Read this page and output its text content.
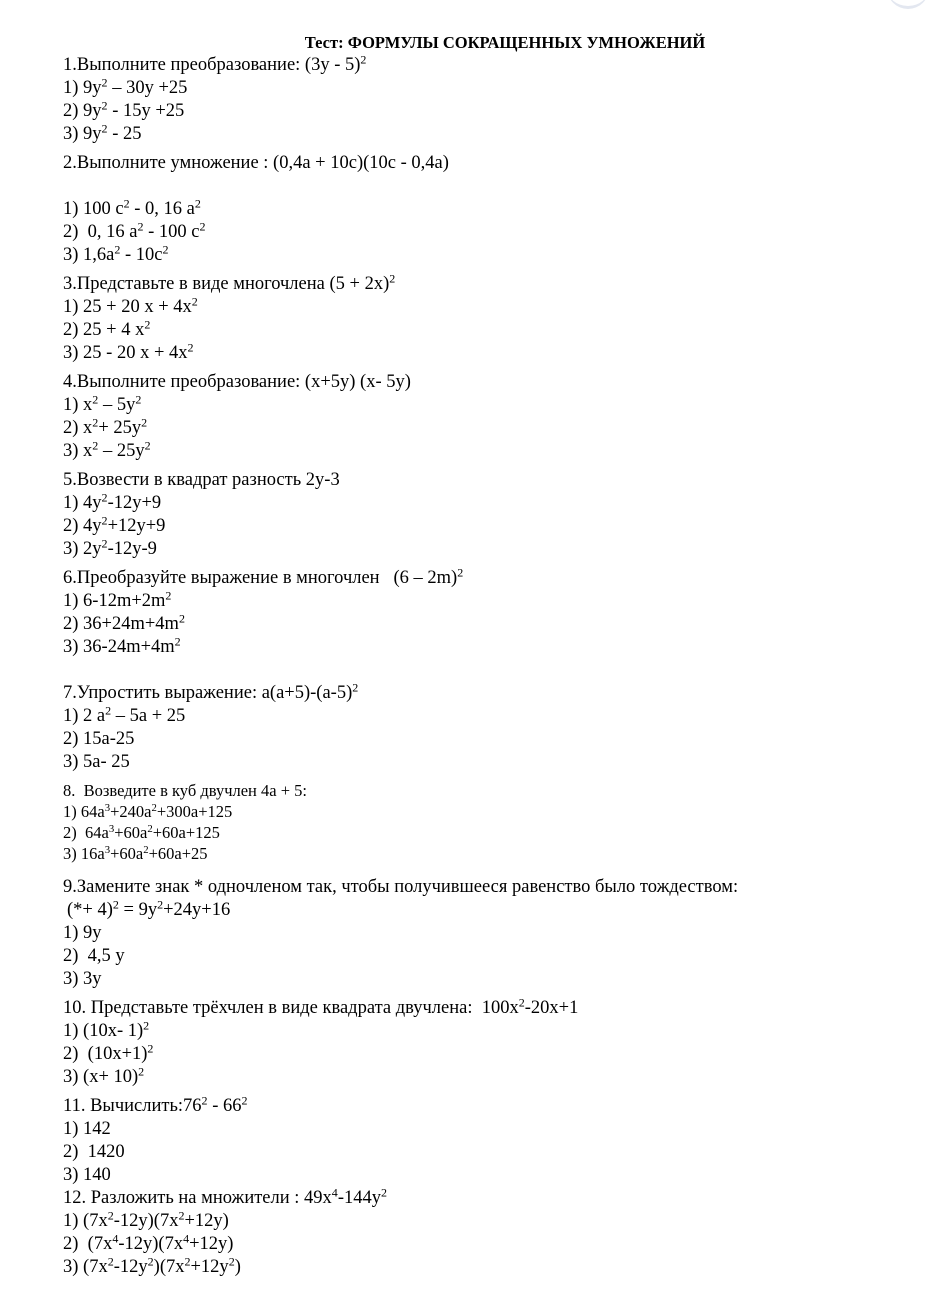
Тест: ФОРМУЛЫ СОКРАЩЕННЫХ УМНОЖЕНИЙ
1.Выполните преобразование: (3у - 5)$^2$
1) $9у^2 - 30у +25$
2) $9у^2 - 15у +25$
3) $9у^2 - 25$
2.Выполните умножение : (0,4a + 10c)(10c - 0,4a)
1) 100 $c^2 - 0$, 16 $a^2$
2)  0, 16 $a^2 - 100$ $c^2$
3) $1,6a^2 - 10c^2$
3.Представьте в виде многочлена $(5 + 2х)^2$
1) 25 + 20 $х + 4х^2$
2) 25 + 4 $х^2$
3) 25 - 20 $х + 4х^2$
4.Выполните преобразование: (х+5у) (х- 5у)
1) $х^2 - 5у^2$
2) $х^2+ 25у^2$
3) $х^2 - 25у^2$
5.Возвести в квадрат разность 2у-3
1) $4у^2-12у+9$
2) $4у^2+12у+9$
3) $2у^2-12у-9$
6.Преобразуйте выражение в многочлен   (6 – 2m)$^2$
1) $6-12m+2m^2$
2) $36+24m+4m^2$
3) $36-24m+4m^2$
7.Упростить выражение: $а(а+5)-(а-5)^2$
1) 2 $а^2 - 5а + 25$
2) 15а-25
3) 5а- 25
8.  Возведите в куб двучлен 4a + 5:
1) $64a^3+240a^2+300a+125$
2)  $64a^3+60a^2+60a+125$
3) $16a^3+60a^2+60a+25$
9.Замените знак * одночленом так, чтобы получившееся равенство было тождеством:
(*+ $4)^2 = 9y^2+24y+16$
1) 9y
2)  4,5 y
3) 3y
10. Представьте трёхчлен в виде квадрата двучлена:  $100x^2-20x+1$
1) (10x- 1)$^2$
2)  $(10x+1)^2$
3) $(x+ 10)^2$
11. $Вычислить:76^2 - 66^2$
1) 142
2)  1420
3) 140
12. Разложить на множители : $49x^4-144y^2$
1) $(7x^2-12y)(7x^2+12y)$
2)  $(7x^4-12y)(7x^4+12y)$
3) $(7x^2-12y^2)(7x^2+12y^2)$
